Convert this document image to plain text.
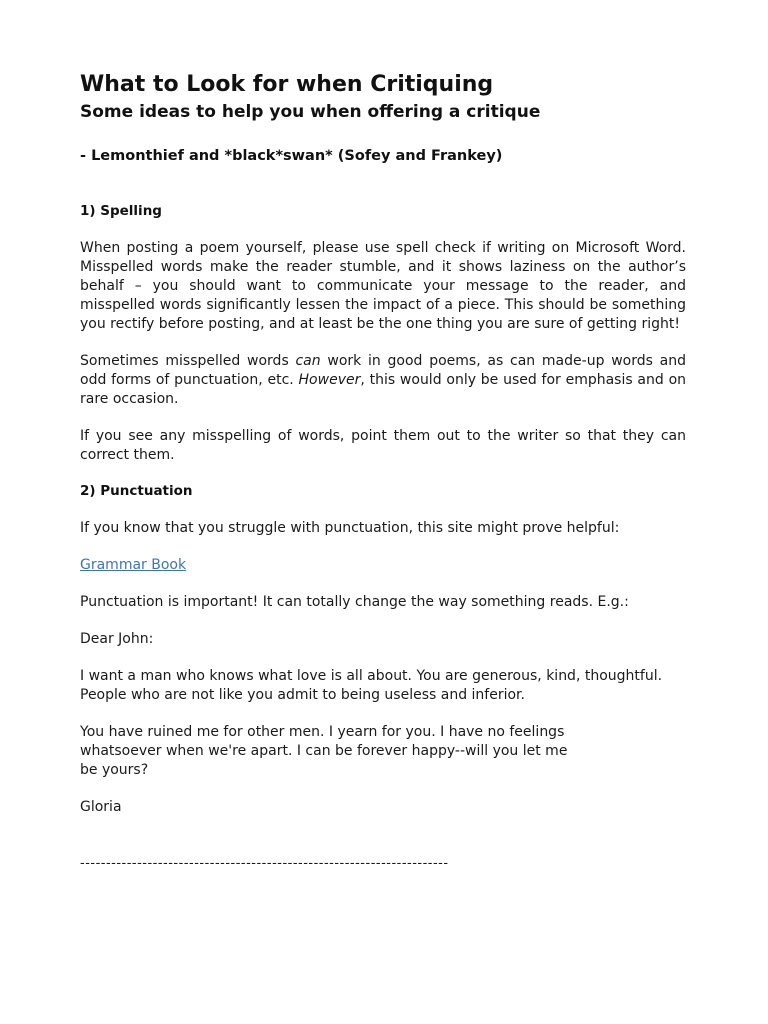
What to Look for when Critiquing
Some ideas to help you when offering a critique

- Lemonthief and *black*swan* (Sofey and Frankey)

1) Spelling

When posting a poem yourself, please use spell check if writing on Microsoft Word. Misspelled words make the reader stumble, and it shows laziness on the author’s behalf – you should want to communicate your message to the reader, and misspelled words significantly lessen the impact of a piece. This should be something you rectify before posting, and at least be the one thing you are sure of getting right!

Sometimes misspelled words can work in good poems, as can made-up words and odd forms of punctuation, etc. However, this would only be used for emphasis and on rare occasion.

If you see any misspelling of words, point them out to the writer so that they can correct them.

2) Punctuation

If you know that you struggle with punctuation, this site might prove helpful:

Grammar Book

Punctuation is important! It can totally change the way something reads. E.g.:

Dear John:

I want a man who knows what love is all about. You are generous, kind, thoughtful. People who are not like you admit to being useless and inferior.

You have ruined me for other men. I yearn for you. I have no feelings
whatsoever when we're apart. I can be forever happy--will you let me
be yours?

Gloria

-----------------------------------------------------------------------
